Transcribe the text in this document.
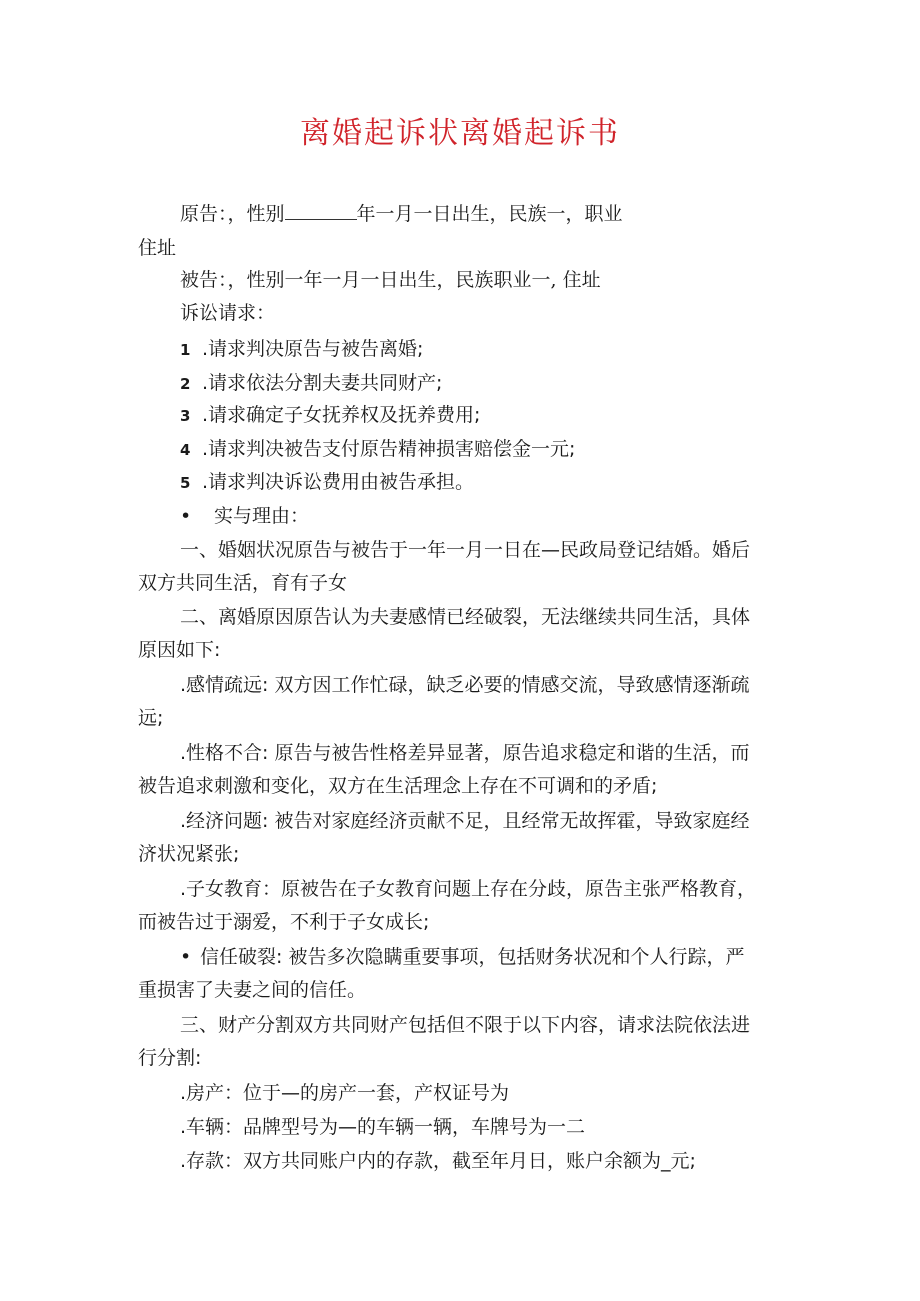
离婚起诉状离婚起诉书

原告：，性别	年一月一日出生，民族一，职业

住址

被告：，性别一年一月一日出生，民族职业一, 住址

诉讼请求：

1 .请求判决原告与被告离婚;

2 .请求依法分割夫妻共同财产;

3 .请求确定子女抚养权及抚养费用;

4 .请求判决被告支付原告精神损害赔偿金一元;

5 .请求判决诉讼费用由被告承担。

• 实与理由：

一、婚姻状况原告与被告于一年一月一日在—民政局登记结婚。婚后

双方共同生活，育有子女

二、离婚原因原告认为夫妻感情已经破裂，无法继续共同生活，具体

原因如下:

.感情疏远: 双方因工作忙碌，缺乏必要的情感交流，导致感情逐渐疏

远;

.性格不合: 原告与被告性格差异显著，原告追求稳定和谐的生活，而

被告追求刺激和变化，双方在生活理念上存在不可调和的矛盾;

.经济问题: 被告对家庭经济贡献不足，且经常无故挥霍，导致家庭经

济状况紧张;

.子女教育：原被告在子女教育问题上存在分歧，原告主张严格教育，

而被告过于溺爱，不利于子女成长;

• 信任破裂: 被告多次隐瞒重要事项，包括财务状况和个人行踪，严

重损害了夫妻之间的信任。

三、财产分割双方共同财产包括但不限于以下内容，请求法院依法进

行分割:

.房产：位于—的房产一套，产权证号为

.车辆：品牌型号为—的车辆一辆，车牌号为一二

.存款：双方共同账户内的存款，截至年月日，账户余额为_元;
